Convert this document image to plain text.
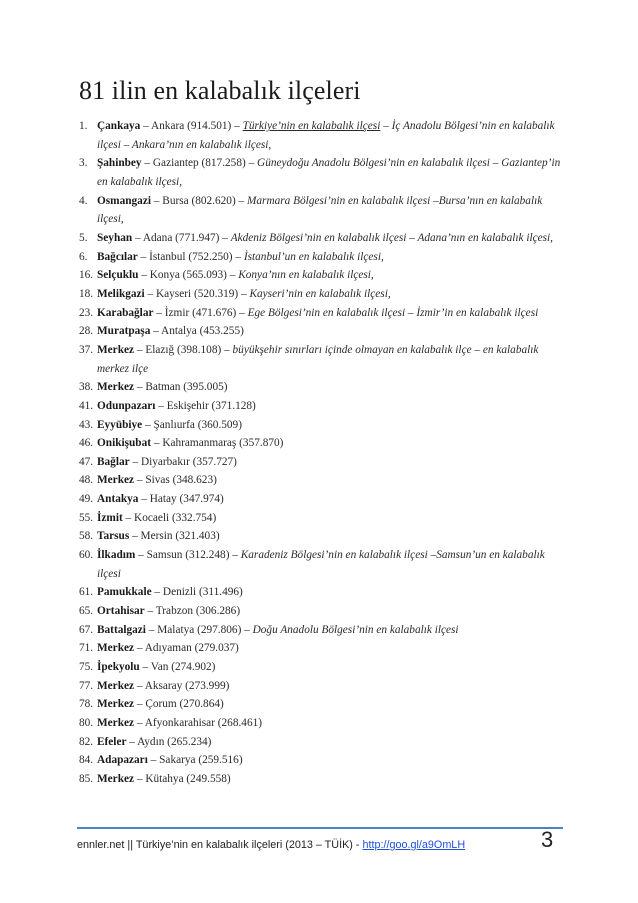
81 ilin en kalabalık ilçeleri
1. Çankaya – Ankara (914.501) – Türkiye’nin en kalabalık ilçesi – İç Anadolu Bölgesi’nin en kalabalık
ilçesi – Ankara’nın en kalabalık ilçesi,
3. Şahinbey – Gaziantep (817.258) – Güneydoğu Anadolu Bölgesi’nin en kalabalık ilçesi – Gaziantep’in
en kalabalık ilçesi,
4. Osmangazi – Bursa (802.620) – Marmara Bölgesi’nin en kalabalık ilçesi –Bursa’nın en kalabalık
ilçesi,
5. Seyhan – Adana (771.947) – Akdeniz Bölgesi’nin en kalabalık ilçesi – Adana’nın en kalabalık ilçesi,
6. Bağcılar – İstanbul (752.250) – İstanbul’un en kalabalık ilçesi,
16. Selçuklu – Konya (565.093) – Konya’nın en kalabalık ilçesi,
18. Melikgazi – Kayseri (520.319) – Kayseri’nin en kalabalık ilçesi,
23. Karabağlar – İzmir (471.676) – Ege Bölgesi’nin en kalabalık ilçesi – İzmir’in en kalabalık ilçesi
28. Muratpaşa – Antalya (453.255)
37. Merkez – Elazığ (398.108) – büyükşehir sınırları içinde olmayan en kalabalık ilçe – en kalabalık
merkez ilçe
38. Merkez – Batman (395.005)
41. Odunpazarı – Eskişehir (371.128)
43. Eyyübiye – Şanlıurfa (360.509)
46. Onikişubat – Kahramanmaraş (357.870)
47. Bağlar – Diyarbakır (357.727)
48. Merkez – Sivas (348.623)
49. Antakya – Hatay (347.974)
55. İzmit – Kocaeli (332.754)
58. Tarsus – Mersin (321.403)
60. İlkadım – Samsun (312.248) – Karadeniz Bölgesi’nin en kalabalık ilçesi –Samsun’un en kalabalık
ilçesi
61. Pamukkale – Denizli (311.496)
65. Ortahisar – Trabzon (306.286)
67. Battalgazi – Malatya (297.806) – Doğu Anadolu Bölgesi’nin en kalabalık ilçesi
71. Merkez – Adıyaman (279.037)
75. İpekyolu – Van (274.902)
77. Merkez – Aksaray (273.999)
78. Merkez – Çorum (270.864)
80. Merkez – Afyonkarahisar (268.461)
82. Efeler – Aydın (265.234)
84. Adapazarı – Sakarya (259.516)
85. Merkez – Kütahya (249.558)
ennler.net || Türkiye’nin en kalabalık ilçeleri (2013 – TÜİK) - http://goo.gl/a9OmLH	3
